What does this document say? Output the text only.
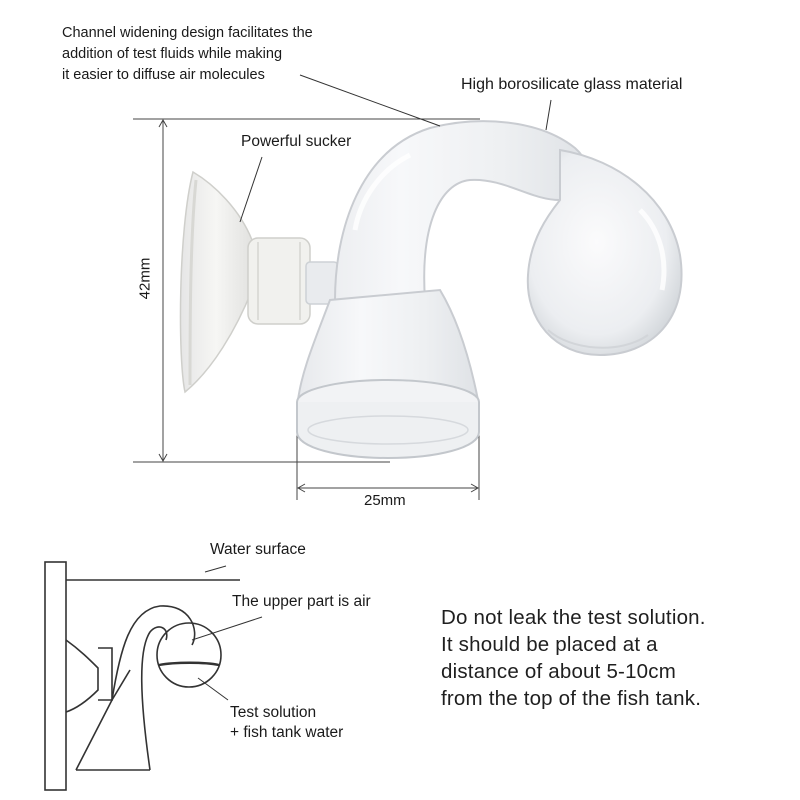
Channel widening design facilitates the
addition of test fluids while making
it easier to diffuse air molecules
High borosilicate glass material
Powerful sucker
42mm
25mm
Water surface
The upper part is air
Test solution
+ fish tank water
Do not leak the test solution.
It should be placed at a
distance of about 5-10cm
from the top of the fish tank.
